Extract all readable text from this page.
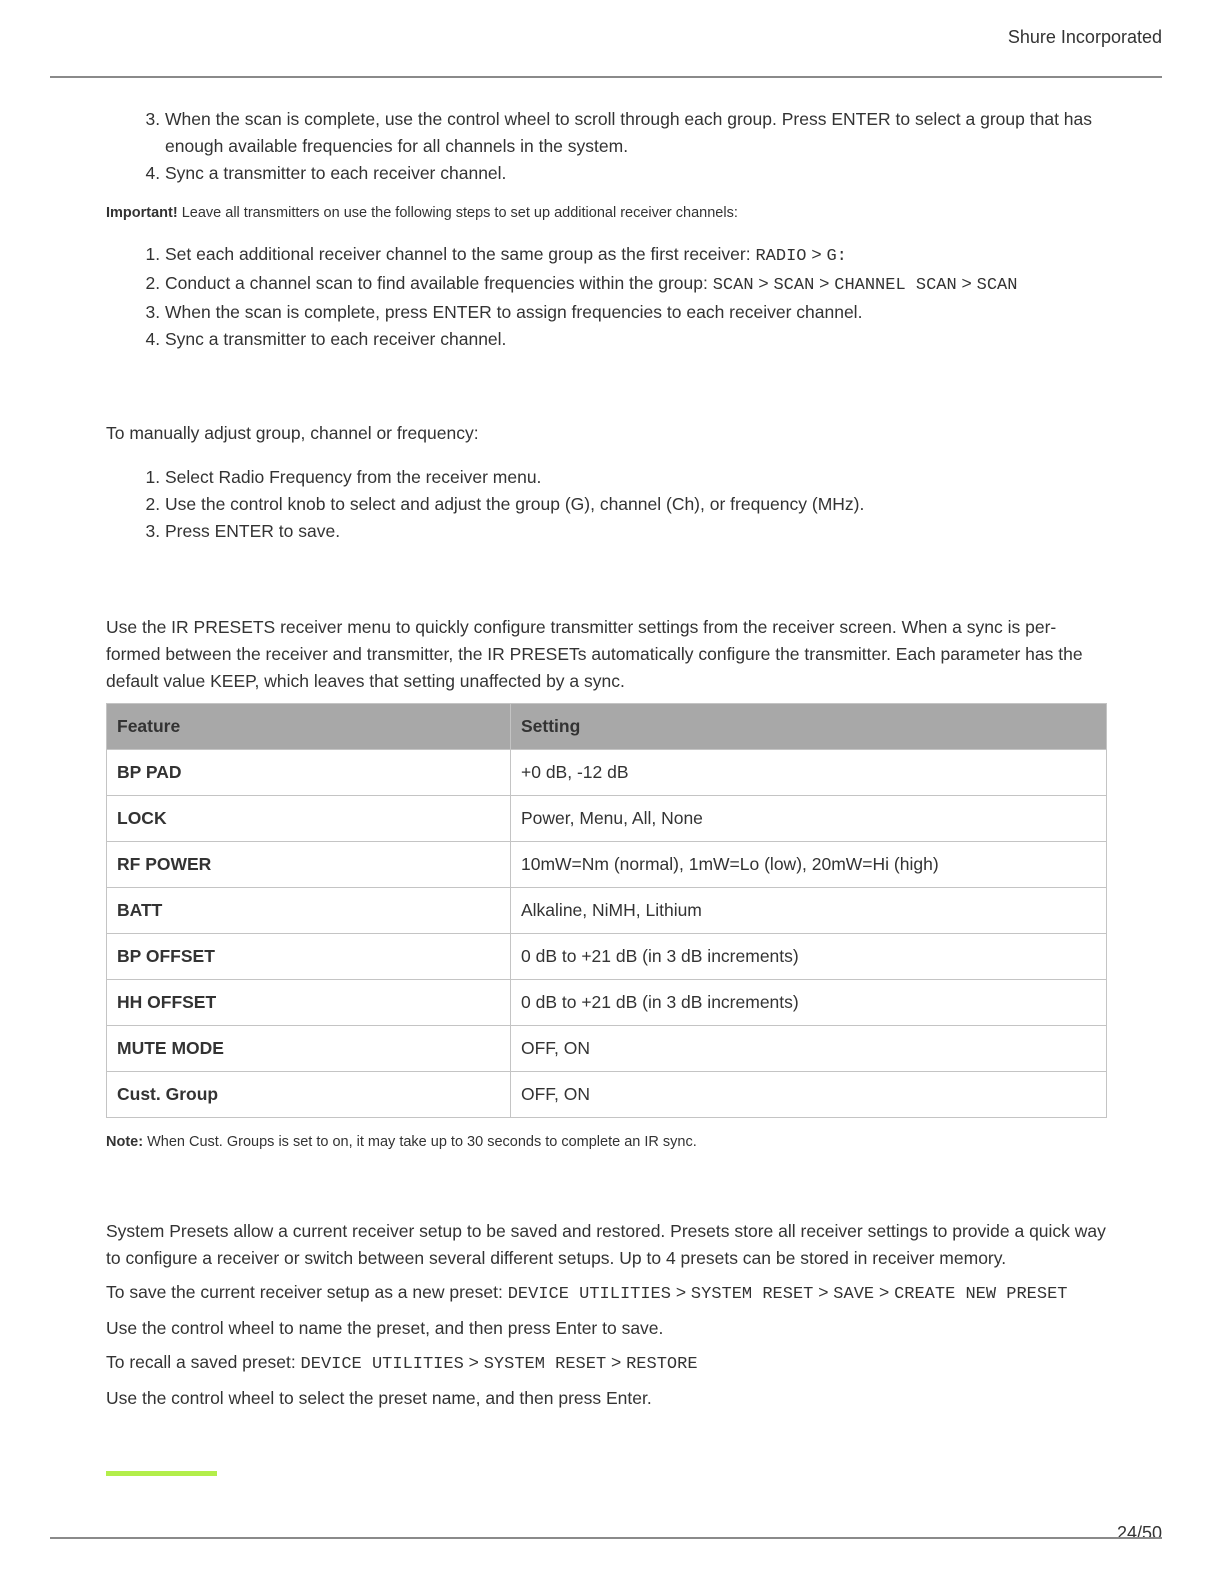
Shure Incorporated
3. When the scan is complete, use the control wheel to scroll through each group. Press ENTER to select a group that has enough available frequencies for all channels in the system.
4. Sync a transmitter to each receiver channel.

Important! Leave all transmitters on use the following steps to set up additional receiver channels:

1. Set each additional receiver channel to the same group as the first receiver: RADIO > G:
2. Conduct a channel scan to find available frequencies within the group: SCAN > SCAN > CHANNEL SCAN > SCAN
3. When the scan is complete, press ENTER to assign frequencies to each receiver channel.
4. Sync a transmitter to each receiver channel.

To manually adjust group, channel or frequency:

1. Select Radio Frequency from the receiver menu.
2. Use the control knob to select and adjust the group (G), channel (Ch), or frequency (MHz).
3. Press ENTER to save.

Use the IR PRESETS receiver menu to quickly configure transmitter settings from the receiver screen. When a sync is per-formed between the receiver and transmitter, the IR PRESETs automatically configure the transmitter. Each parameter has the default value KEEP, which leaves that setting unaffected by a sync.

Feature	Setting
BP PAD	+0 dB, -12 dB
LOCK	Power, Menu, All, None
RF POWER	10mW=Nm (normal), 1mW=Lo (low), 20mW=Hi (high)
BATT	Alkaline, NiMH, Lithium
BP OFFSET	0 dB to +21 dB (in 3 dB increments)
HH OFFSET	0 dB to +21 dB (in 3 dB increments)
MUTE MODE	OFF, ON
Cust. Group	OFF, ON

Note: When Cust. Groups is set to on, it may take up to 30 seconds to complete an IR sync.

System Presets allow a current receiver setup to be saved and restored. Presets store all receiver settings to provide a quick way to configure a receiver or switch between several different setups. Up to 4 presets can be stored in receiver memory.

To save the current receiver setup as a new preset: DEVICE UTILITIES > SYSTEM RESET > SAVE > CREATE NEW PRESET

Use the control wheel to name the preset, and then press Enter to save.

To recall a saved preset: DEVICE UTILITIES > SYSTEM RESET > RESTORE

Use the control wheel to select the preset name, and then press Enter.

24/50
